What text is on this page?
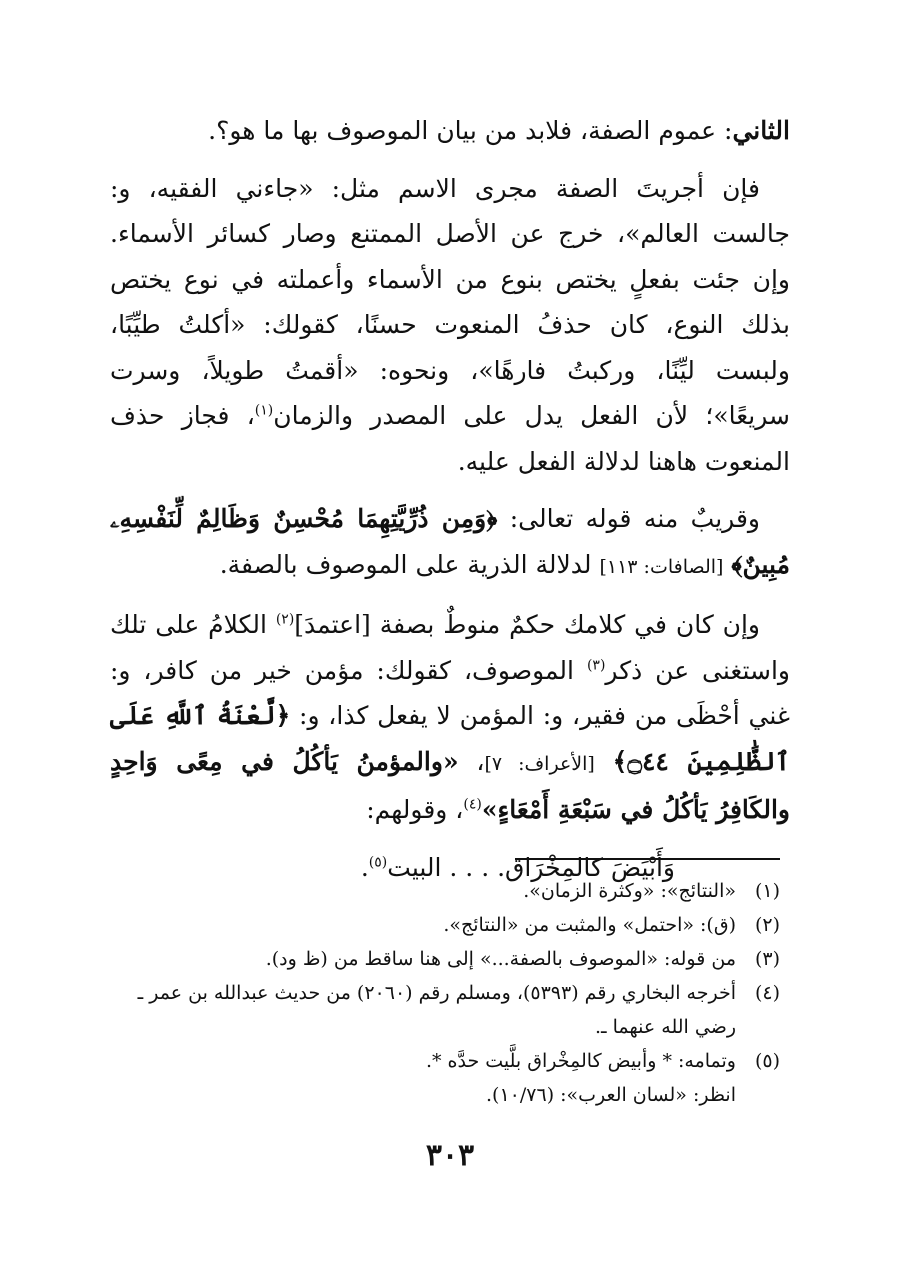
الثاني: عموم الصفة، فلابد من بيان الموصوف بها ما هو؟.

فإن أجريتَ الصفة مجرى الاسم مثل: «جاءني الفقيه، و: جالست العالم»، خرج عن الأصل الممتنع وصار كسائر الأسماء. وإن جئت بفعلٍ يختص بنوع من الأسماء وأعملته في نوع يختص بذلك النوع، كان حذفُ المنعوت حسنًا، كقولك: «أكلتُ طيِّبًا، ولبست ليِّنًا، وركبتُ فارهًا»، ونحوه: «أقمتُ طويلاً، وسرت سريعًا»؛ لأن الفعل يدل على المصدر والزمان$^{(١)}$، فجاز حذف المنعوت هاهنا لدلالة الفعل عليه.

وقريبٌ منه قوله تعالى: ﴿وَمِن ذُرِّيَّتِهِمَا مُحْسِنٌ وَظَالِمٌ لِّنَفْسِهِۦ مُبِينٌ﴾ [الصافات: ١١٣] لدلالة الذرية على الموصوف بالصفة.

وإن كان في كلامك حكمٌ منوطٌ بصفة [اعتمدَ]$^{(٢)}$ الكلامُ على تلك واستغنى عن ذكر$^{(٣)}$ الموصوف، كقولك: مؤمن خير من كافر، و: غني أحْظَى من فقير، و: المؤمن لا يفعل كذا، و: ﴿لَّعْنَةُ ٱللَّهِ عَلَى ٱلظَّٰلِمِينَ ۝٤٤﴾ [الأعراف: ٧]، «والمؤمنُ يَأكُلُ في مِعًى وَاحِدٍ والكَافِرُ يَأكُلُ في سَبْعَةِ أَمْعَاءٍ»$^{(٤)}$، وقولهم:

وَأَبْيَضَ كالمِخْرَاق. . . . البيت$^{(٥)}$.

(١)
«النتائج»: «وكثرة الزمان».
(٢)
(ق): «احتمل» والمثبت من «النتائج».
(٣)
من قوله: «الموصوف بالصفة...» إلى هنا ساقط من (ظ ود).
(٤)
أخرجه البخاري رقم (٥٣٩٣)، ومسلم رقم (٢٠٦٠) من حديث عبدالله بن عمر ـ رضي الله عنهما ـ.
(٥)
وتمامه: * وأبيض كالمِخْراق بلَّيت حدَّه *.
انظر: «لسان العرب»: (١٠/٧٦).
٣٠٣
